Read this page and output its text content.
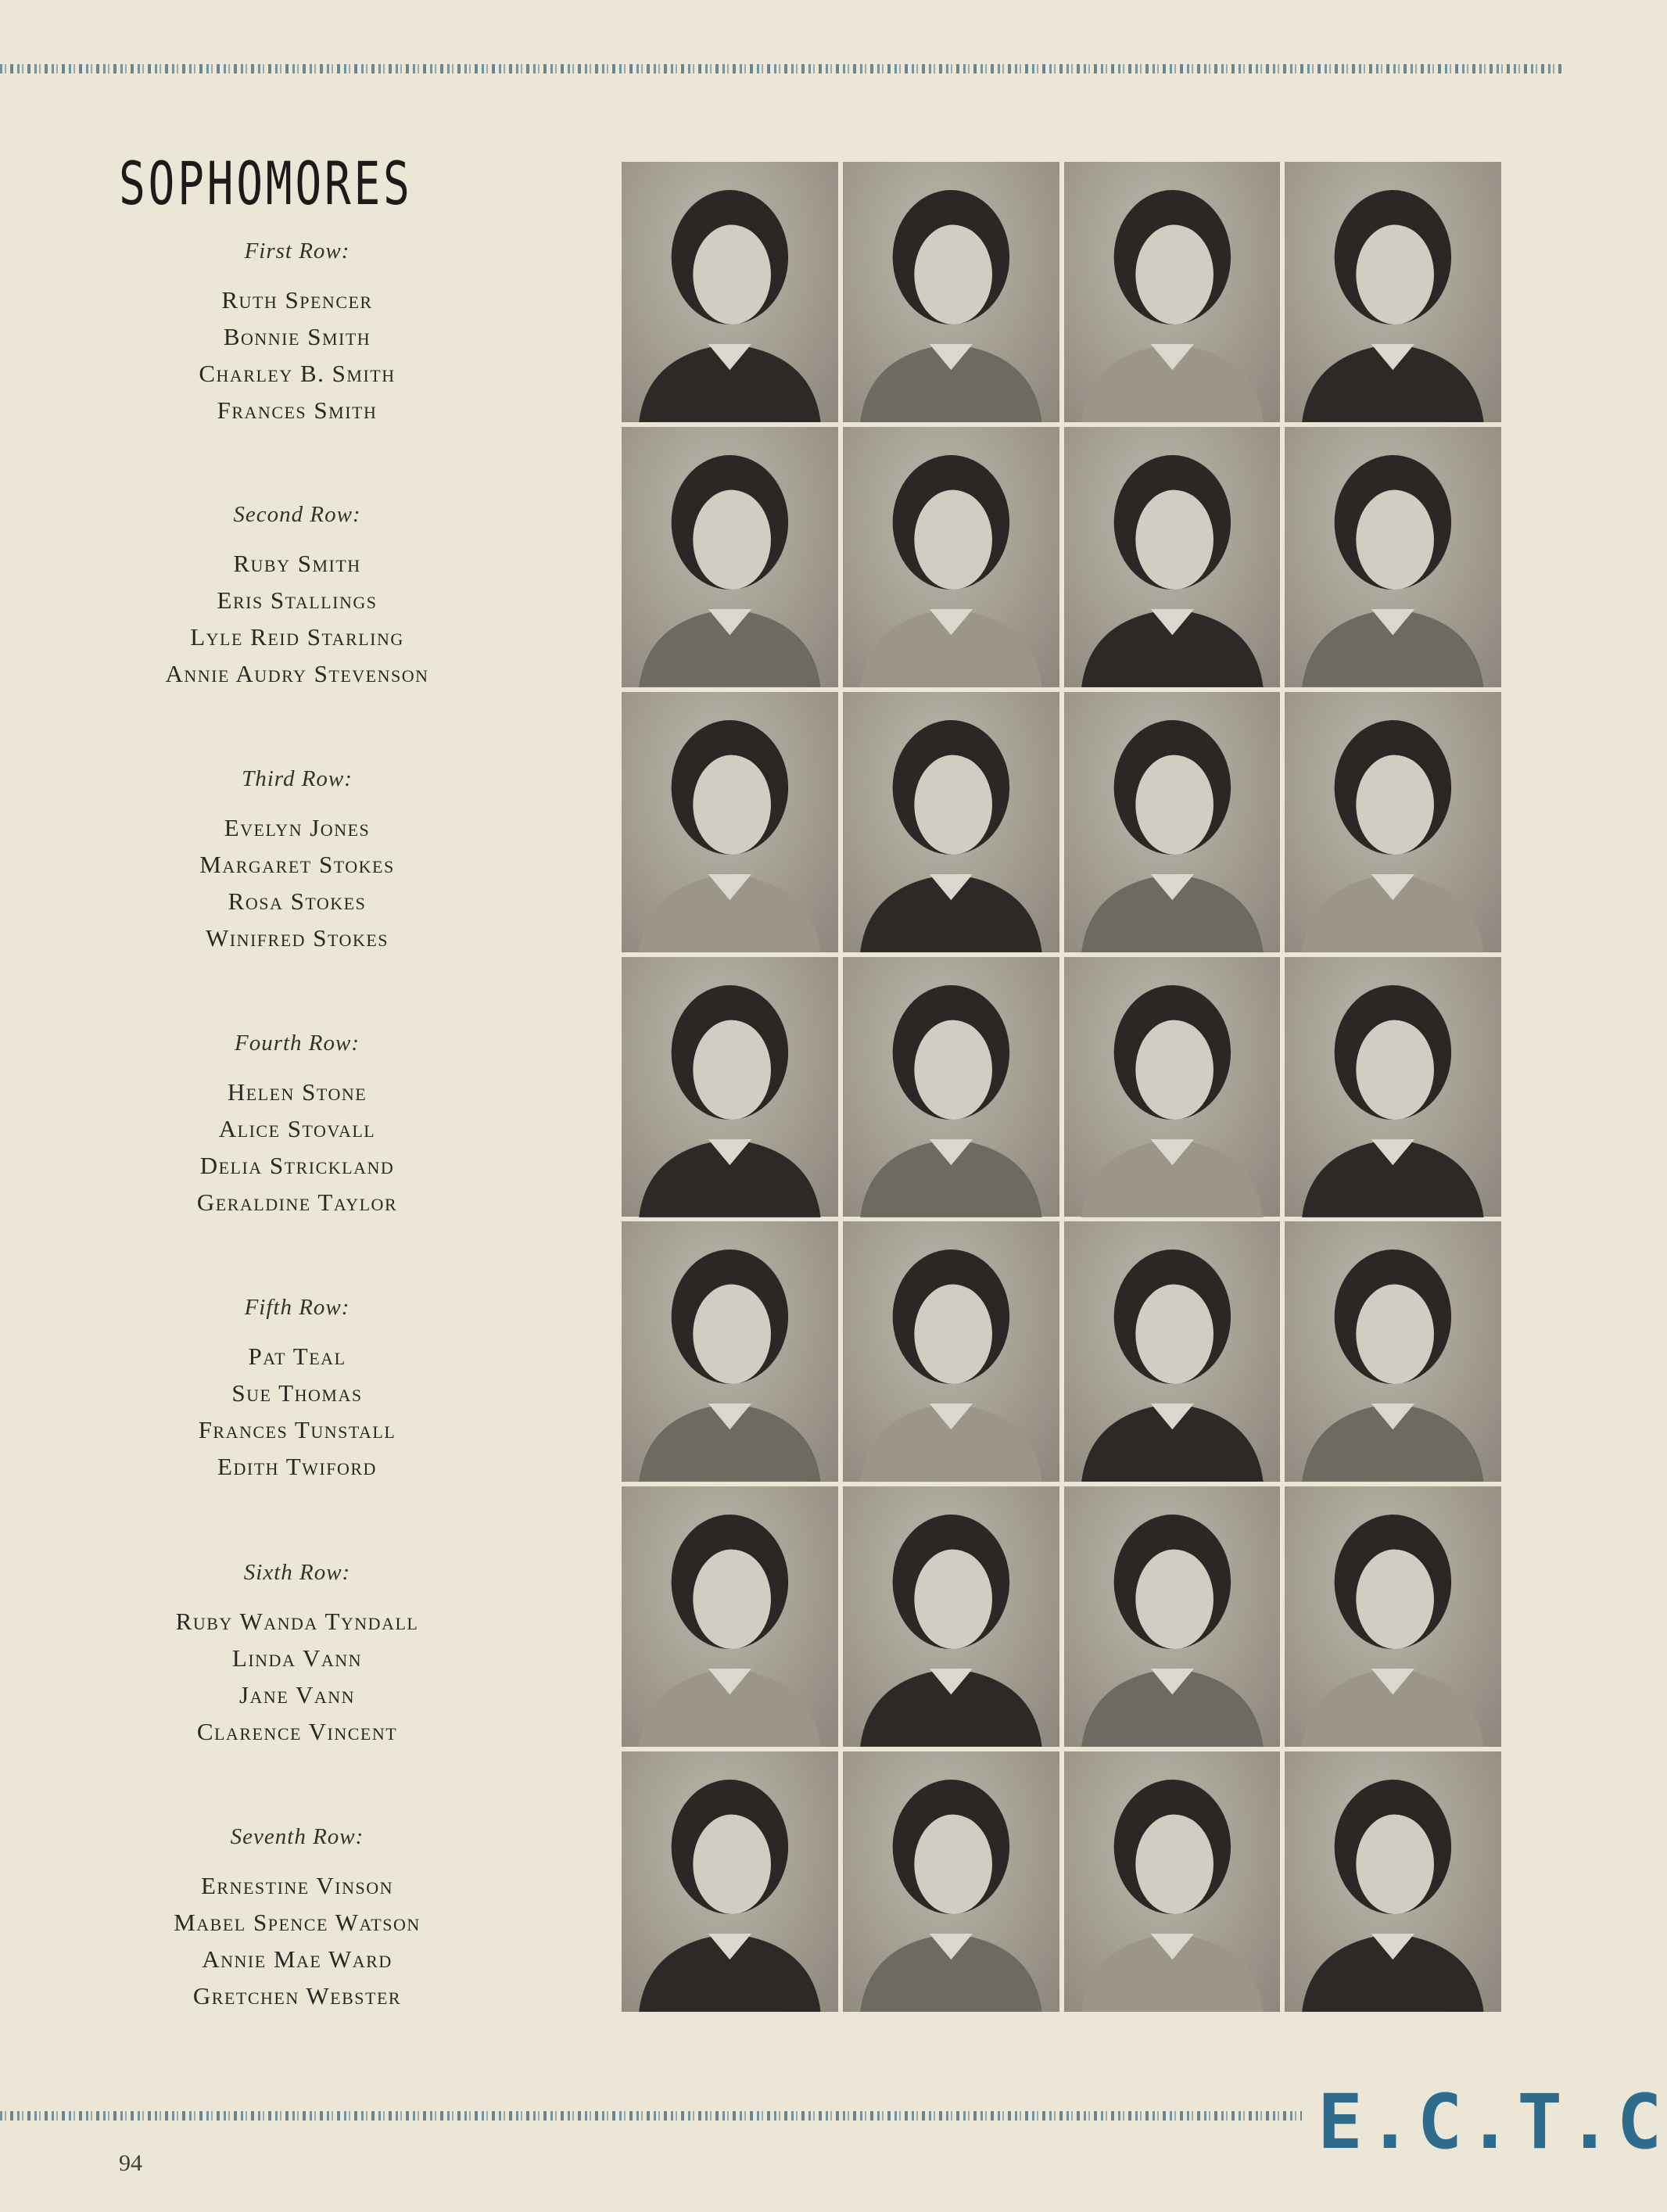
SOPHOMORES
First Row:
Ruth Spencer
Bonnie Smith
Charley B. Smith
Frances Smith
Second Row:
Ruby Smith
Eris Stallings
Lyle Reid Starling
Annie Audry Stevenson
Third Row:
Evelyn Jones
Margaret Stokes
Rosa Stokes
Winifred Stokes
Fourth Row:
Helen Stone
Alice Stovall
Delia Strickland
Geraldine Taylor
Fifth Row:
Pat Teal
Sue Thomas
Frances Tunstall
Edith Twiford
Sixth Row:
Ruby Wanda Tyndall
Linda Vann
Jane Vann
Clarence Vincent
Seventh Row:
Ernestine Vinson
Mabel Spence Watson
Annie Mae Ward
Gretchen Webster
94	E.C.T.C
